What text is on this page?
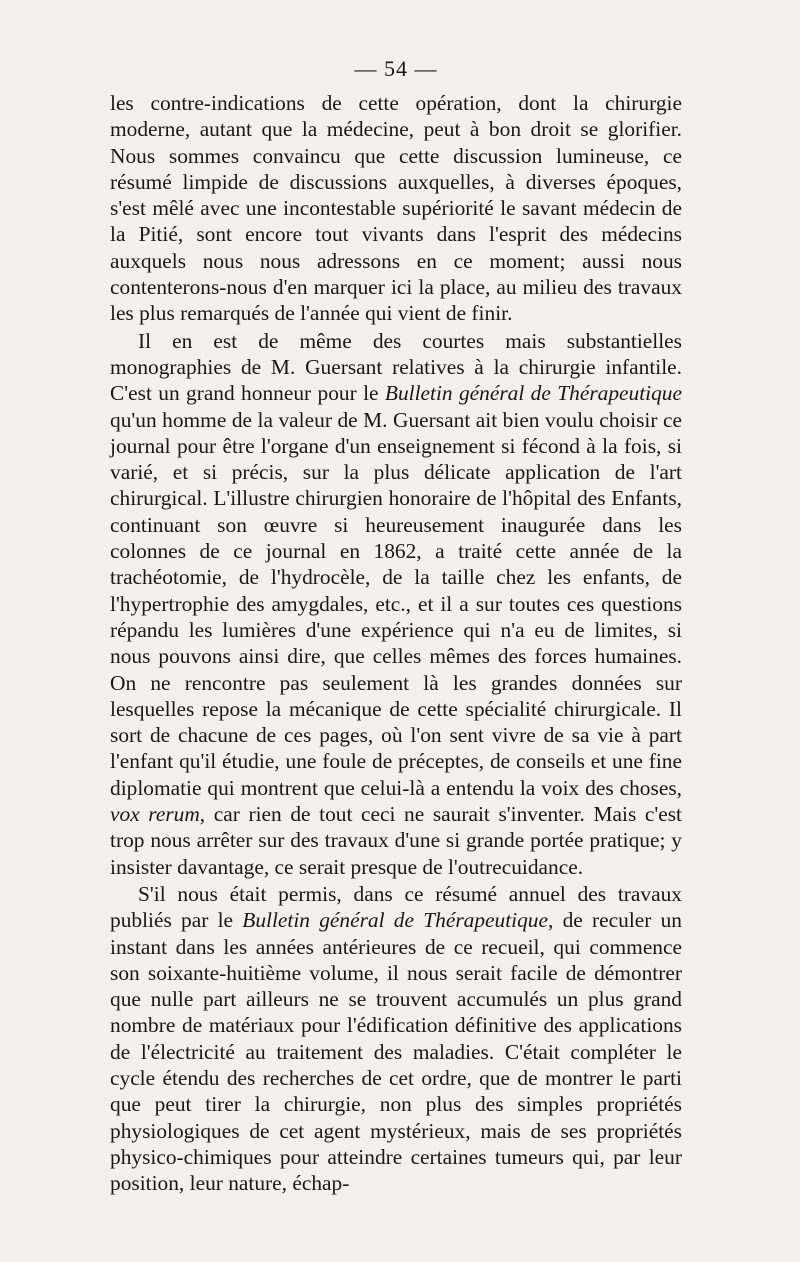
— 54 —

les contre-indications de cette opération, dont la chirurgie moderne, autant que la médecine, peut à bon droit se glorifier. Nous sommes convaincu que cette discussion lumineuse, ce résumé limpide de discussions auxquelles, à diverses époques, s'est mêlé avec une incontestable supériorité le savant médecin de la Pitié, sont encore tout vivants dans l'esprit des médecins auxquels nous nous adressons en ce moment; aussi nous contenterons-nous d'en marquer ici la place, au milieu des travaux les plus remarqués de l'année qui vient de finir.

Il en est de même des courtes mais substantielles monographies de M. Guersant relatives à la chirurgie infantile. C'est un grand honneur pour le Bulletin général de Thérapeutique qu'un homme de la valeur de M. Guersant ait bien voulu choisir ce journal pour être l'organe d'un enseignement si fécond à la fois, si varié, et si précis, sur la plus délicate application de l'art chirurgical. L'illustre chirurgien honoraire de l'hôpital des Enfants, continuant son œuvre si heureusement inaugurée dans les colonnes de ce journal en 1862, a traité cette année de la trachéotomie, de l'hydrocèle, de la taille chez les enfants, de l'hypertrophie des amygdales, etc., et il a sur toutes ces questions répandu les lumières d'une expérience qui n'a eu de limites, si nous pouvons ainsi dire, que celles mêmes des forces humaines. On ne rencontre pas seulement là les grandes données sur lesquelles repose la mécanique de cette spécialité chirurgicale. Il sort de chacune de ces pages, où l'on sent vivre de sa vie à part l'enfant qu'il étudie, une foule de préceptes, de conseils et une fine diplomatie qui montrent que celui-là a entendu la voix des choses, vox rerum, car rien de tout ceci ne saurait s'inventer. Mais c'est trop nous arrêter sur des travaux d'une si grande portée pratique; y insister davantage, ce serait presque de l'outrecuidance.

S'il nous était permis, dans ce résumé annuel des travaux publiés par le Bulletin général de Thérapeutique, de reculer un instant dans les années antérieures de ce recueil, qui commence son soixante-huitième volume, il nous serait facile de démontrer que nulle part ailleurs ne se trouvent accumulés un plus grand nombre de matériaux pour l'édification définitive des applications de l'électricité au traitement des maladies. C'était compléter le cycle étendu des recherches de cet ordre, que de montrer le parti que peut tirer la chirurgie, non plus des simples propriétés physiologiques de cet agent mystérieux, mais de ses propriétés physico-chimiques pour atteindre certaines tumeurs qui, par leur position, leur nature, échap-
